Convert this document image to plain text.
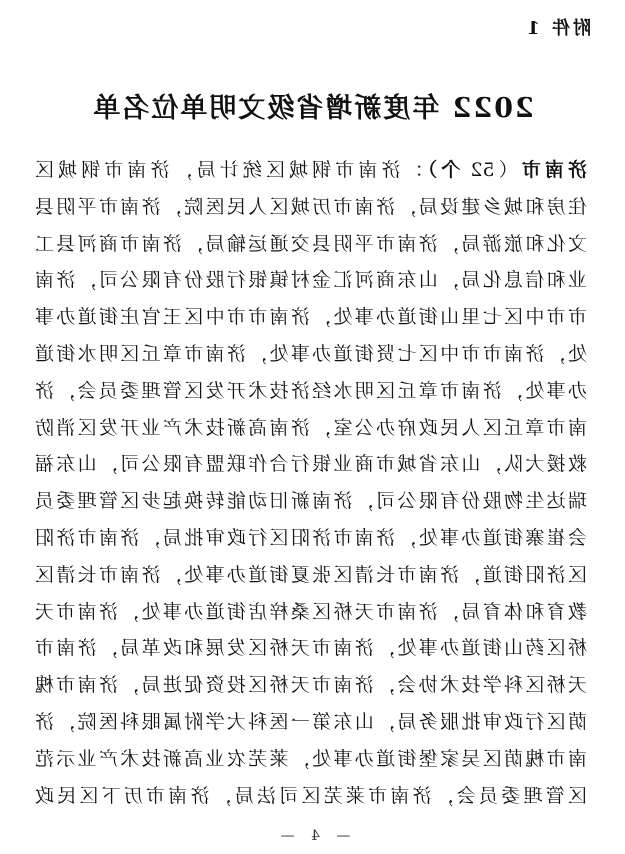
附件 1
2022 年度新增省级文明单位名单
济南市（52 个）：济南市钢城区统计局，济南市钢城区
住房和城乡建设局，济南市历城区人民医院，济南市平阴县
文化和旅游局，济南市平阴县交通运输局，济南市商河县工
业和信息化局，山东商河汇金村镇银行股份有限公司，济南
市市中区七里山街道办事处，济南市市中区王官庄街道办事
处，济南市市中区七贤街道办事处，济南市章丘区明水街道
办事处，济南市章丘区明水经济技术开发区管理委员会，济
南市章丘区人民政府办公室，济南高新技术产业开发区消防
救援大队，山东省城市商业银行合作联盟有限公司，山东福
瑞达生物股份有限公司，济南新旧动能转换起步区管理委员
会崔寨街道办事处，济南市济阳区行政审批局，济南市济阳
区济阳街道，济南市长清区张夏街道办事处，济南市长清区
教育和体育局，济南市天桥区桑梓店街道办事处，济南市天
桥区药山街道办事处，济南市天桥区发展和改革局，济南市
天桥区科学技术协会，济南市天桥区投资促进局，济南市槐
荫区行政审批服务局，山东第一医科大学附属眼科医院，济
南市槐荫区吴家堡街道办事处，莱芜农业高新技术产业示范
区管理委员会，济南市莱芜区司法局，济南市历下区民政
— 4 —
